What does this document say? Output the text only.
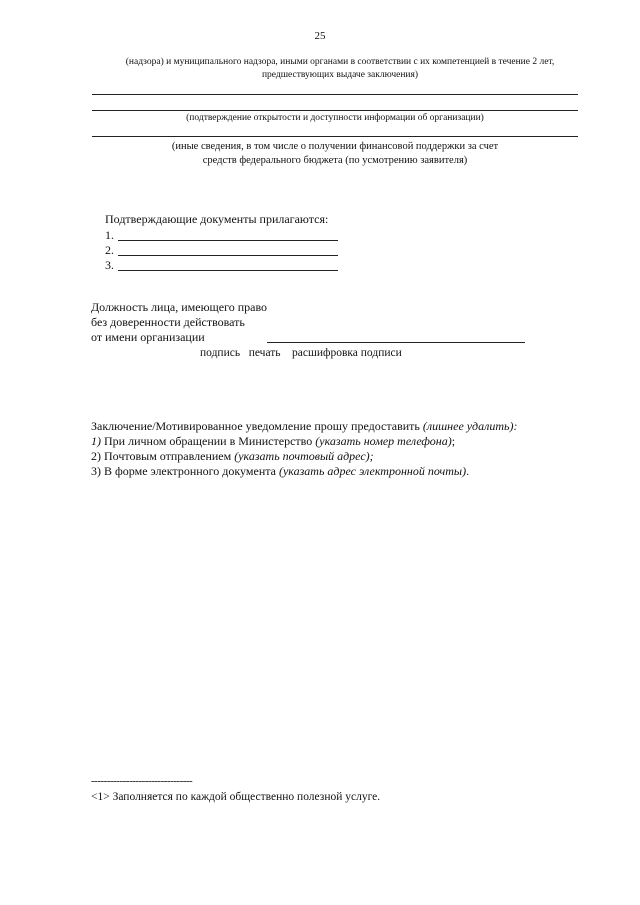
25
(надзора) и муниципального надзора, иными органами в соответствии с их компетенцией в течение 2 лет,
предшествующих выдаче заключения)
(подтверждение открытости и доступности информации об организации)
(иные сведения, в том числе о получении финансовой поддержки за счет
средств федерального бюджета (по усмотрению заявителя)
Подтверждающие документы прилагаются:
1.
2.
3.
Должность лица, имеющего право
без доверенности действовать
от имени организации
подпись   печать    расшифровка подписи
Заключение/Мотивированное уведомление прошу предоставить (лишнее удалить):
1) При личном обращении в Министерство (указать номер телефона);
2) Почтовым отправлением (указать почтовый адрес);
3) В форме электронного документа (указать адрес электронной почты).
--------------------------------
<1> Заполняется по каждой общественно полезной услуге.
